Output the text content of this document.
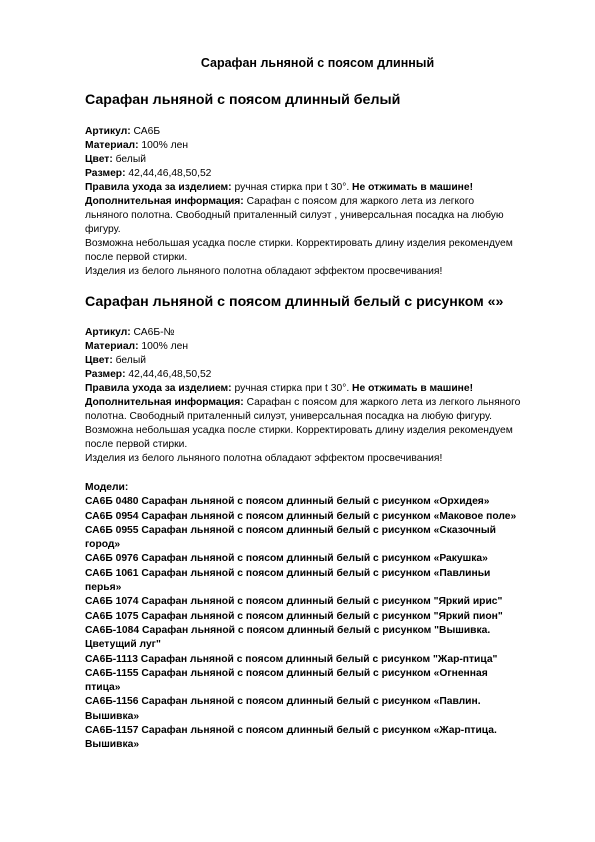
Сарафан льняной с поясом длинный
Сарафан льняной с поясом длинный белый

Артикул: СА6Б

Материал: 100% лен

Цвет: белый

Размер: 42,44,46,48,50,52

Правила ухода за изделием: ручная стирка при t 30°. Не отжимать в машине!

Дополнительная информация: Сарафан с поясом для жаркого лета из легкого

льняного полотна. Свободный приталенный силуэт , универсальная посадка на любую

фигуру.

Возможна небольшая усадка после стирки. Корректировать длину изделия рекомендуем

после первой стирки.

Изделия из белого льняного полотна обладают эффектом просвечивания!

Сарафан льняной с поясом длинный белый с рисунком «»

Артикул: СА6Б-№

Материал: 100% лен

Цвет: белый

Размер: 42,44,46,48,50,52

Правила ухода за изделием: ручная стирка при t 30°. Не отжимать в машине!

Дополнительная информация: Сарафан с поясом для жаркого лета из легкого льняного

полотна. Свободный приталенный силуэт, универсальная посадка на любую фигуру.

Возможна небольшая усадка после стирки. Корректировать длину изделия рекомендуем

после первой стирки.

Изделия из белого льняного полотна обладают эффектом просвечивания!

Модели:

СА6Б 0480 Сарафан льняной с поясом длинный белый с рисунком «Орхидея»

СА6Б 0954 Сарафан льняной с поясом длинный белый с рисунком «Маковое поле»

СА6Б 0955 Сарафан льняной с поясом длинный белый с рисунком «Сказочный

город»

СА6Б 0976 Сарафан льняной с поясом длинный белый с рисунком «Ракушка»

СА6Б 1061 Сарафан льняной с поясом длинный белый с рисунком «Павлиньи

перья»

СА6Б 1074 Сарафан льняной с поясом длинный белый с рисунком "Яркий ирис"

СА6Б 1075 Сарафан льняной с поясом длинный белый с рисунком "Яркий пион"

СА6Б-1084 Сарафан льняной с поясом длинный белый с рисунком "Вышивка.

Цветущий луг"

СА6Б-1113 Сарафан льняной с поясом длинный белый с рисунком "Жар-птица"

СА6Б-1155 Сарафан льняной с поясом длинный белый с рисунком «Огненная

птица»

СА6Б-1156 Сарафан льняной с поясом длинный белый с рисунком «Павлин.

Вышивка»

СА6Б-1157 Сарафан льняной с поясом длинный белый с рисунком «Жар-птица.

Вышивка»
